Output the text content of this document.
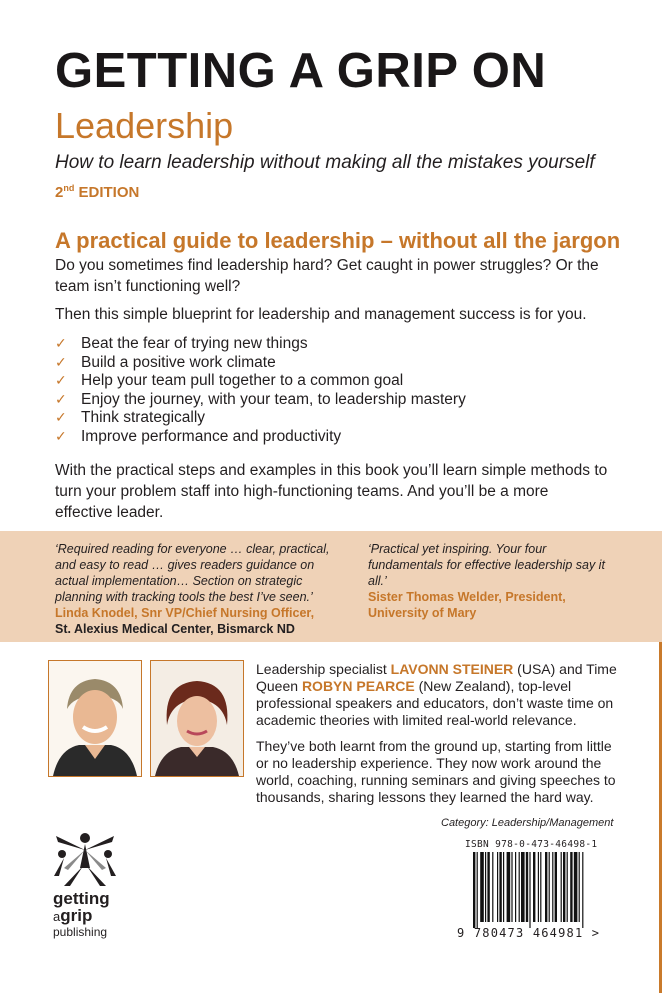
GETTING A GRIP ON
Leadership
How to learn leadership without making all the mistakes yourself
2nd EDITION
A practical guide to leadership – without all the jargon

Do you sometimes find leadership hard? Get caught in power struggles? Or the team isn’t functioning well?

Then this simple blueprint for leadership and management success is for you.

✓ Beat the fear of trying new things
✓ Build a positive work climate
✓ Help your team pull together to a common goal
✓ Enjoy the journey, with your team, to leadership mastery
✓ Think strategically
✓ Improve performance and productivity

With the practical steps and examples in this book you’ll learn simple methods to turn your problem staff into high-functioning teams. And you’ll be a more effective leader.

‘Required reading for everyone … clear, practical, and easy to read … gives readers guidance on actual implementation… Section on strategic planning with tracking tools the best I’ve seen.’
Linda Knodel, Snr VP/Chief Nursing Officer,
St. Alexius Medical Center, Bismarck ND
‘Practical yet inspiring. Your four fundamentals for effective leadership say it all.’
Sister Thomas Welder, President, University of Mary

Leadership specialist LAVONN STEINER (USA) and Time Queen ROBYN PEARCE (New Zealand), top-level professional speakers and educators, don’t waste time on academic theories with limited real-world relevance.

They’ve both learnt from the ground up, starting from little or no leadership experience. They now work around the world, coaching, running seminars and giving speeches to thousands, sharing lessons they learned the hard way.

Category: Leadership/Management
ISBN 978-0-473-46498-1
9 780473 464981 >
getting
agrip
publishing
